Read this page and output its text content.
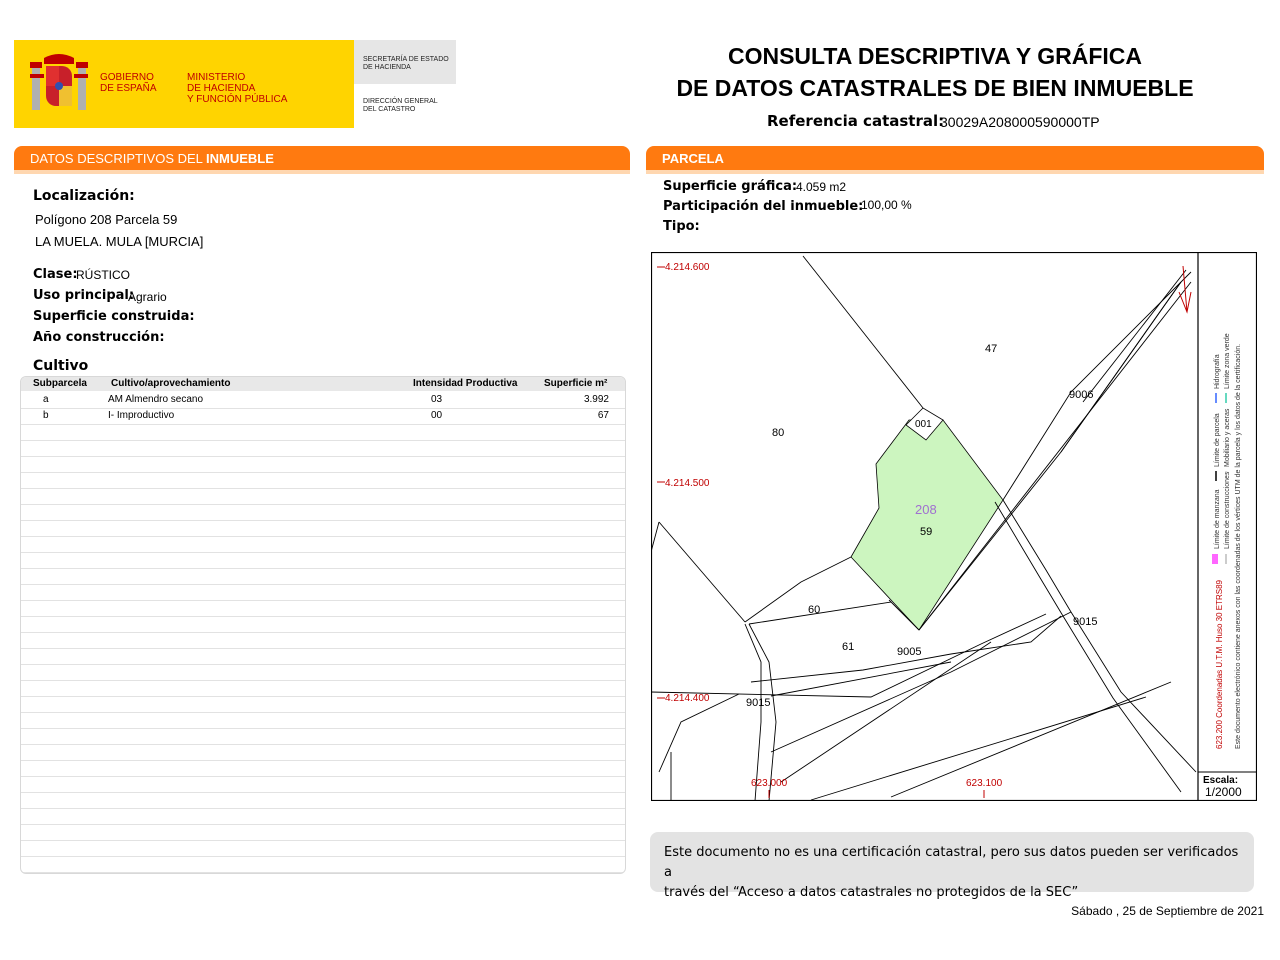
GOBIERNO
DE ESPAÑA
MINISTERIO
DE HACIENDA
Y FUNCIÓN PÚBLICA
SECRETARÍA DE ESTADO
DE HACIENDA
DIRECCIÓN GENERAL
DEL CATASTRO
CONSULTA DESCRIPTIVA Y GRÁFICA
DE DATOS CATASTRALES DE BIEN INMUEBLE
Referencia catastral:
30029A208000590000TP
DATOS DESCRIPTIVOS DEL INMUEBLE
Localización:
Polígono 208 Parcela 59
LA MUELA. MULA [MURCIA]
Clase:
RÚSTICO
Uso principal:
Agrario
Superficie construida:
Año construcción:
Cultivo
Subparcela Cultivo/aprovechamiento	Intensidad Productiva	Superficie m²
a	AM Almendro secano	03	3.992
b	I- Improductivo	00	67
PARCELA
Superficie gráfica:
4.059 m2
Participación del inmueble:
100,00 %
Tipo:
4.214.600
4.214.500
4.214.400
623.000	623.100
47
9006
80
001
208
59
60
61	9005
9015
9015	623.200 Coordenadas U.T.M. Huso 30 ETRS89
Límite de manzana
Límite de parcela
Hidrografía
Límite de construcciones
Mobiliario y aceras
Límite zona verde Este documento electrónico contiene anexos con las coordenadas de los vértices UTM de la parcela y los datos de la certificación.
Escala:
1/2000
Este documento no es una certificación catastral, pero sus datos pueden ser verificados a
través del “Acceso a datos catastrales no protegidos de la SEC”
Sábado , 25 de Septiembre de 2021
